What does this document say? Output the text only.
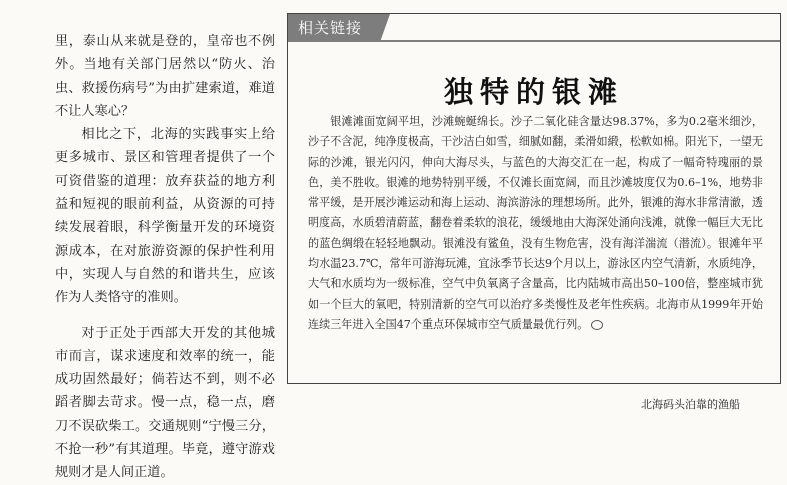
里，泰山从来就是登的，皇帝也不例外。当地有关部门居然以“防火、治虫、救援伤病号”为由扩建索道，难道不让人寒心？

相比之下，北海的实践事实上给更多城市、景区和管理者提供了一个可资借鉴的道理：放弃获益的地方利益和短视的眼前利益，从资源的可持续发展着眼，科学衡量开发的环境资源成本，在对旅游资源的保护性利用中，实现人与自然的和谐共生，应该作为人类恪守的准则。

对于正处于西部大开发的其他城市而言，谋求速度和效率的统一，能成功固然最好；倘若达不到，则不必蹈者脚去苛求。慢一点，稳一点，磨刀不误砍柴工。交通规则“宁慢三分，不抢一秒”有其道理。毕竟，遵守游戏规则才是人间正道。

相关链接
独特的银滩
银滩滩面宽阔平坦，沙滩蜿蜒绵长。沙子二氧化硅含量达98.37%，多为0.2毫米细沙，沙子不含泥，纯净度极高，干沙洁白如雪，细腻如翻，柔滑如緞，松軟如棉。阳光下，一望无际的沙滩，银光闪闪，伸向大海尽头，与蓝色的大海交汇在一起，构成了一幅奇特瑰丽的景色，美不胜收。银滩的地势特别平缓，不仅滩长面宽阔，而且沙滩坡度仅为0.6–1%，地势非常平缓，是开展沙滩运动和海上运动、海滨游泳的理想场所。此外，银滩的海水非常清澈，透明度高，水质碧清蔚蓝，翻卷着柔软的浪花，缓缓地由大海深处涌向浅滩，就像一幅巨大无比的蓝色绸缎在轻轻地飘动。银滩没有鲨鱼，没有生物危害，没有海洋湍流（潜流）。银滩年平均水温23.7℃，常年可游海玩滩，宜泳季节长达9个月以上，游泳区内空气清新，水质纯净，大气和水质均为一级标准，空气中负氧离子含量高，比内陆城市高出50–100倍，整座城市犹如一个巨大的氧吧，特别清新的空气可以治疗多类慢性及老年性疾病。北海市从1999年开始连续三年进入全国47个重点环保城市空气质量最优行列。
北海码头泊靠的渔船
